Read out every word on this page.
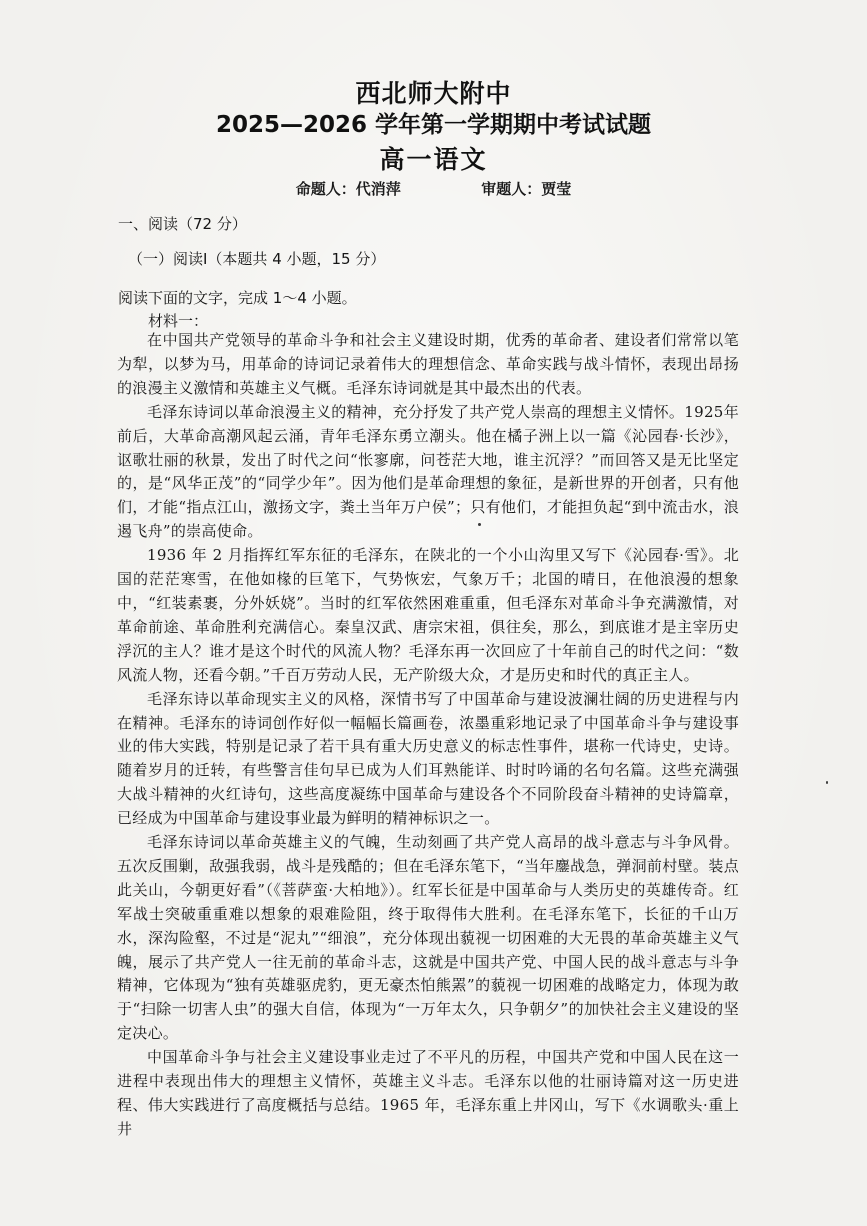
西北师大附中
2025—2026 学年第一学期期中考试试题
高一语文
命题人：代消萍	审题人：贾莹
一、阅读（72 分）
（一）阅读Ⅰ（本题共 4 小题，15 分）
阅读下面的文字，完成 1～4 小题。
材料一：

在中国共产党领导的革命斗争和社会主义建设时期，优秀的革命者、建设者们常常以笔为犁，以梦为马，用革命的诗词记录着伟大的理想信念、革命实践与战斗情怀，表现出昂扬的浪漫主义激情和英雄主义气概。毛泽东诗词就是其中最杰出的代表。

毛泽东诗词以革命浪漫主义的精神，充分抒发了共产党人崇高的理想主义情怀。1925年前后，大革命高潮风起云涌，青年毛泽东勇立潮头。他在橘子洲上以一篇《沁园春·长沙》，讴歌壮丽的秋景，发出了时代之问“怅寥廓，问苍茫大地，谁主沉浮？”而回答又是无比坚定的，是“风华正茂”的“同学少年”。因为他们是革命理想的象征，是新世界的开创者，只有他们，才能“指点江山，激扬文字，粪土当年万户侯”；只有他们，才能担负起“到中流击水，浪遏飞舟”的崇高使命。

1936 年 2 月指挥红军东征的毛泽东，在陕北的一个小山沟里又写下《沁园春·雪》。北国的茫茫寒雪，在他如椽的巨笔下，气势恢宏，气象万千；北国的晴日，在他浪漫的想象中，“红装素裹，分外妖娆”。当时的红军依然困难重重，但毛泽东对革命斗争充满激情，对革命前途、革命胜利充满信心。秦皇汉武、唐宗宋祖，俱往矣，那么，到底谁才是主宰历史浮沉的主人？谁才是这个时代的风流人物？毛泽东再一次回应了十年前自己的时代之问：“数风流人物，还看今朝。”千百万劳动人民，无产阶级大众，才是历史和时代的真正主人。

毛泽东诗以革命现实主义的风格，深情书写了中国革命与建设波澜壮阔的历史进程与内在精神。毛泽东的诗词创作好似一幅幅长篇画卷，浓墨重彩地记录了中国革命斗争与建设事业的伟大实践，特别是记录了若干具有重大历史意义的标志性事件，堪称一代诗史，史诗。随着岁月的迁转，有些警言佳句早已成为人们耳熟能详、时时吟诵的名句名篇。这些充满强大战斗精神的火红诗句，这些高度凝练中国革命与建设各个不同阶段奋斗精神的史诗篇章，已经成为中国革命与建设事业最为鲜明的精神标识之一。

毛泽东诗词以革命英雄主义的气魄，生动刻画了共产党人高昂的战斗意志与斗争风骨。五次反围剿，敌强我弱，战斗是残酷的；但在毛泽东笔下，“当年鏖战急，弹洞前村壁。装点此关山，今朝更好看”（《菩萨蛮·大柏地》）。红军长征是中国革命与人类历史的英雄传奇。红军战士突破重重难以想象的艰难险阻，终于取得伟大胜利。在毛泽东笔下，长征的千山万水，深沟险壑，不过是“泥丸”“细浪”，充分体现出藐视一切困难的大无畏的革命英雄主义气魄，展示了共产党人一往无前的革命斗志，这就是中国共产党、中国人民的战斗意志与斗争精神，它体现为“独有英雄驱虎豹，更无豪杰怕熊罴”的藐视一切困难的战略定力，体现为敢于“扫除一切害人虫”的强大自信，体现为“一万年太久，只争朝夕”的加快社会主义建设的坚定决心。

中国革命斗争与社会主义建设事业走过了不平凡的历程，中国共产党和中国人民在这一进程中表现出伟大的理想主义情怀，英雄主义斗志。毛泽东以他的壮丽诗篇对这一历史进程、伟大实践进行了高度概括与总结。1965 年，毛泽东重上井冈山，写下《水调歌头·重上井
